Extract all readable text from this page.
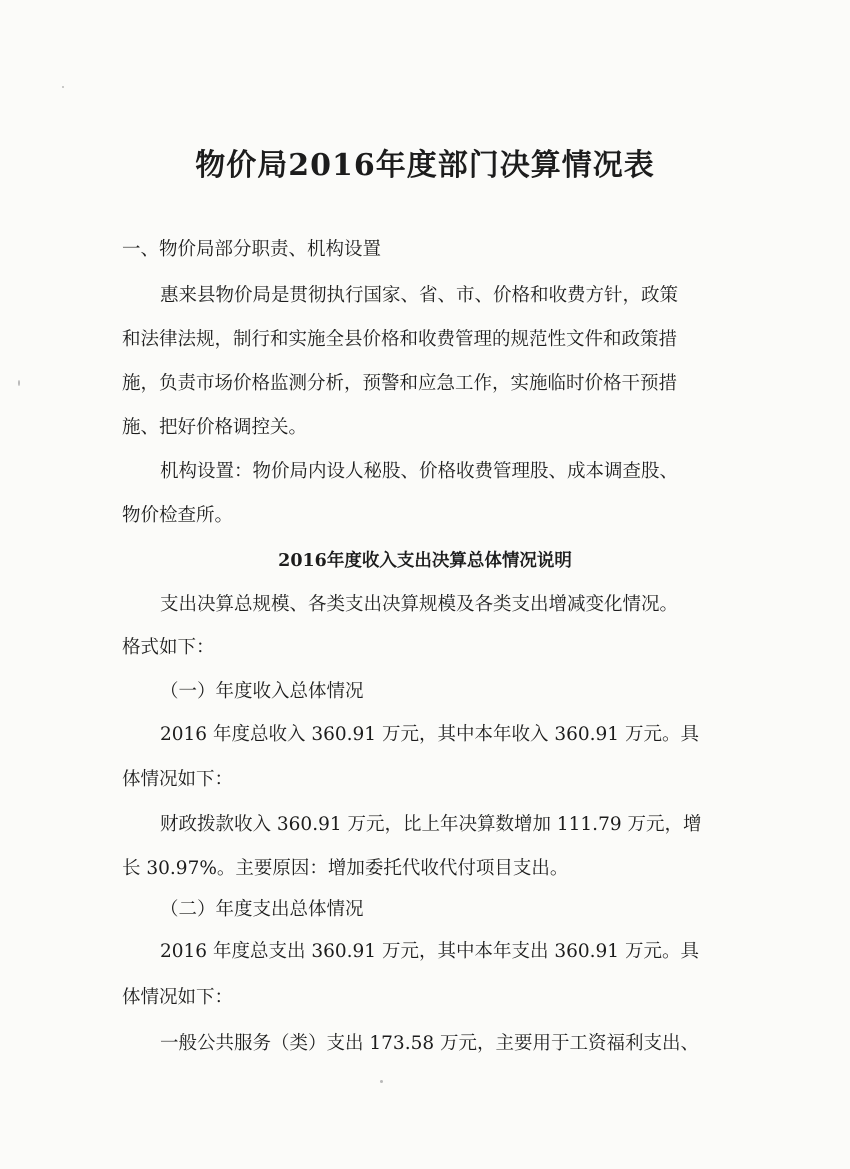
物价局2016年度部门决算情况表
一、物价局部分职责、机构设置
惠来县物价局是贯彻执行国家、省、市、价格和收费方针，政策
和法律法规，制行和实施全县价格和收费管理的规范性文件和政策措
施，负责市场价格监测分析，预警和应急工作，实施临时价格干预措
施、把好价格调控关。
机构设置：物价局内设人秘股、价格收费管理股、成本调查股、
物价检查所。
2016年度收入支出决算总体情况说明
支出决算总规模、各类支出决算规模及各类支出增减变化情况。
格式如下：
（一）年度收入总体情况
2016 年度总收入 360.91 万元，其中本年收入 360.91 万元。具
体情况如下：
财政拨款收入 360.91 万元，比上年决算数增加 111.79 万元，增
长 30.97%。主要原因：增加委托代收代付项目支出。
（二）年度支出总体情况
2016 年度总支出 360.91 万元，其中本年支出 360.91 万元。具
体情况如下：
一般公共服务（类）支出 173.58 万元，主要用于工资福利支出、
